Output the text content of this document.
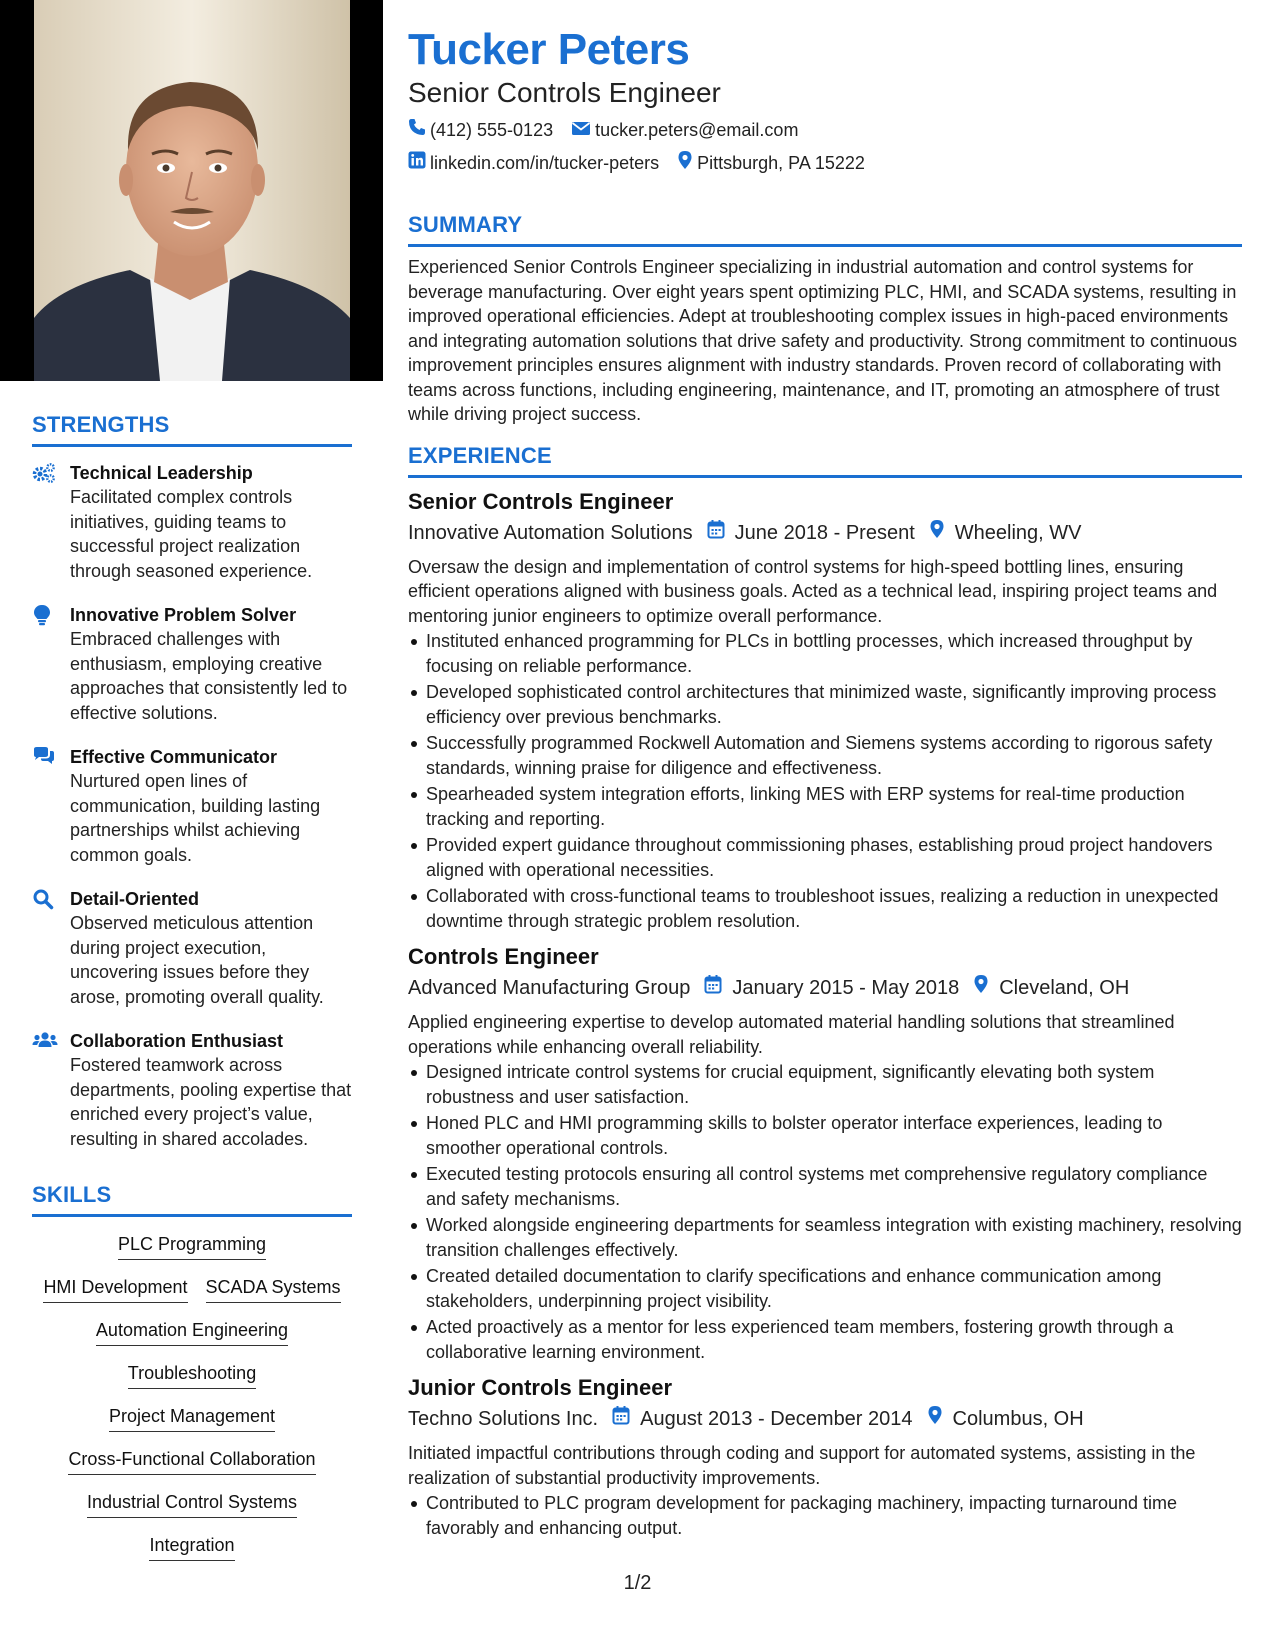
STRENGTHS
Technical Leadership
Facilitated complex controls initiatives, guiding teams to successful project realization through seasoned experience.
Innovative Problem Solver
Embraced challenges with enthusiasm, employing creative approaches that consistently led to effective solutions.
Effective Communicator
Nurtured open lines of communication, building lasting partnerships whilst achieving common goals.
Detail-Oriented
Observed meticulous attention during project execution, uncovering issues before they arose, promoting overall quality.
Collaboration Enthusiast
Fostered teamwork across departments, pooling expertise that enriched every project’s value, resulting in shared accolades.
SKILLS
PLC Programming
HMI Development SCADA Systems
Automation Engineering
Troubleshooting
Project Management
Cross-Functional Collaboration
Industrial Control Systems
Integration
Tucker Peters
Senior Controls Engineer
(412) 555-0123 tucker.peters@email.com
linkedin.com/in/tucker-peters Pittsburgh, PA 15222
SUMMARY
Experienced Senior Controls Engineer specializing in industrial automation and control systems for beverage manufacturing. Over eight years spent optimizing PLC, HMI, and SCADA systems, resulting in improved operational efficiencies. Adept at troubleshooting complex issues in high-paced environments and integrating automation solutions that drive safety and productivity. Strong commitment to continuous improvement principles ensures alignment with industry standards. Proven record of collaborating with teams across functions, including engineering, maintenance, and IT, promoting an atmosphere of trust while driving project success.
EXPERIENCE
Senior Controls Engineer
Innovative Automation Solutions June 2018 - Present Wheeling, WV
Oversaw the design and implementation of control systems for high-speed bottling lines, ensuring efficient operations aligned with business goals. Acted as a technical lead, inspiring project teams and mentoring junior engineers to optimize overall performance.
Instituted enhanced programming for PLCs in bottling processes, which increased throughput by focusing on reliable performance.
Developed sophisticated control architectures that minimized waste, significantly improving process efficiency over previous benchmarks.
Successfully programmed Rockwell Automation and Siemens systems according to rigorous safety standards, winning praise for diligence and effectiveness.
Spearheaded system integration efforts, linking MES with ERP systems for real-time production tracking and reporting.
Provided expert guidance throughout commissioning phases, establishing proud project handovers aligned with operational necessities.
Collaborated with cross-functional teams to troubleshoot issues, realizing a reduction in unexpected downtime through strategic problem resolution.
Controls Engineer
Advanced Manufacturing Group January 2015 - May 2018 Cleveland, OH
Applied engineering expertise to develop automated material handling solutions that streamlined operations while enhancing overall reliability.
Designed intricate control systems for crucial equipment, significantly elevating both system robustness and user satisfaction.
Honed PLC and HMI programming skills to bolster operator interface experiences, leading to smoother operational controls.
Executed testing protocols ensuring all control systems met comprehensive regulatory compliance and safety mechanisms.
Worked alongside engineering departments for seamless integration with existing machinery, resolving transition challenges effectively.
Created detailed documentation to clarify specifications and enhance communication among stakeholders, underpinning project visibility.
Acted proactively as a mentor for less experienced team members, fostering growth through a collaborative learning environment.
Junior Controls Engineer
Techno Solutions Inc. August 2013 - December 2014 Columbus, OH
Initiated impactful contributions through coding and support for automated systems, assisting in the realization of substantial productivity improvements.
Contributed to PLC program development for packaging machinery, impacting turnaround time favorably and enhancing output.
1/2
